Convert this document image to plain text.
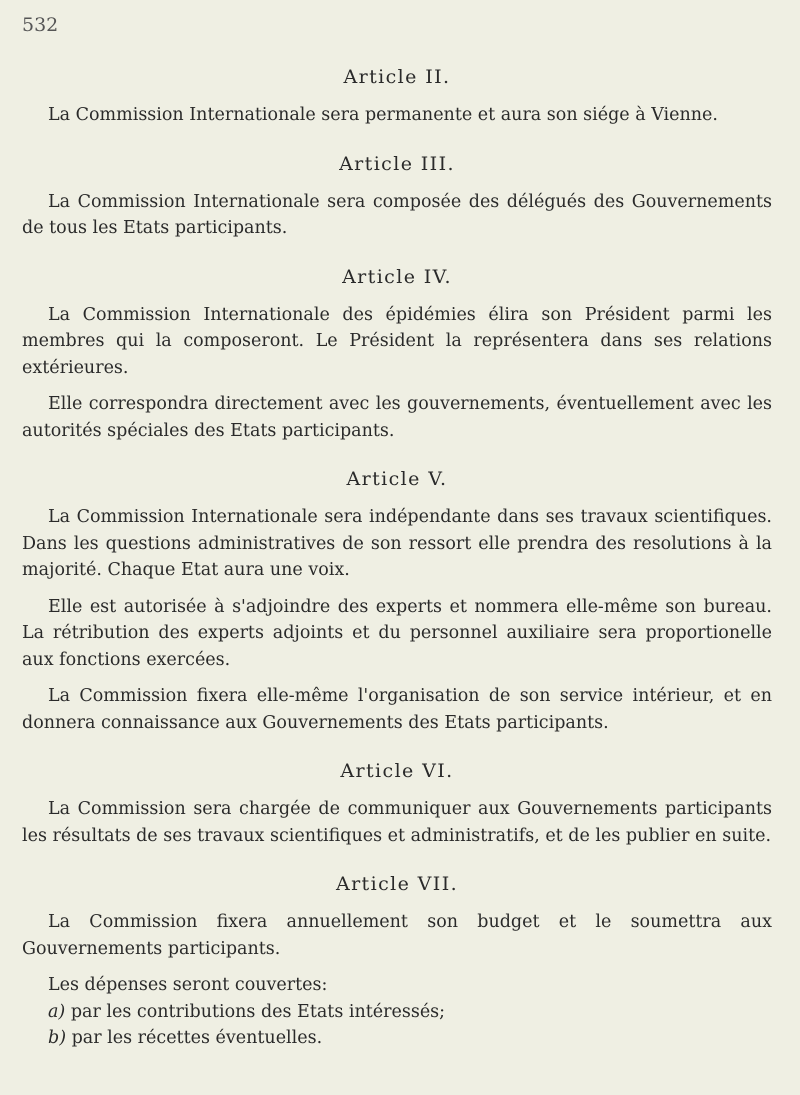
532
Article II.

La Commission Internationale sera permanente et aura son siége à Vienne.

Article III.

La Commission Internationale sera composée des délégués des Gouvernements de tous les Etats participants.

Article IV.

La Commission Internationale des épidémies élira son Président parmi les membres qui la composeront. Le Président la représentera dans ses relations extérieures.

Elle correspondra directement avec les gouvernements, éventuellement avec les autorités spéciales des Etats participants.

Article V.

La Commission Internationale sera indépendante dans ses travaux scientifiques. Dans les questions administratives de son ressort elle prendra des resolutions à la majorité. Chaque Etat aura une voix.

Elle est autorisée à s'adjoindre des experts et nommera elle-même son bureau. La rétribution des experts adjoints et du personnel auxiliaire sera proportionelle aux fonctions exercées.

La Commission fixera elle-même l'organisation de son service intérieur, et en donnera connaissance aux Gouvernements des Etats participants.

Article VI.

La Commission sera chargée de communiquer aux Gouvernements participants les résultats de ses travaux scientifiques et administratifs, et de les publier en suite.

Article VII.

La Commission fixera annuellement son budget et le soumettra aux Gouvernements participants.

Les dépenses seront couvertes:

a) par les contributions des Etats intéressés;
b) par les récettes éventuelles.
